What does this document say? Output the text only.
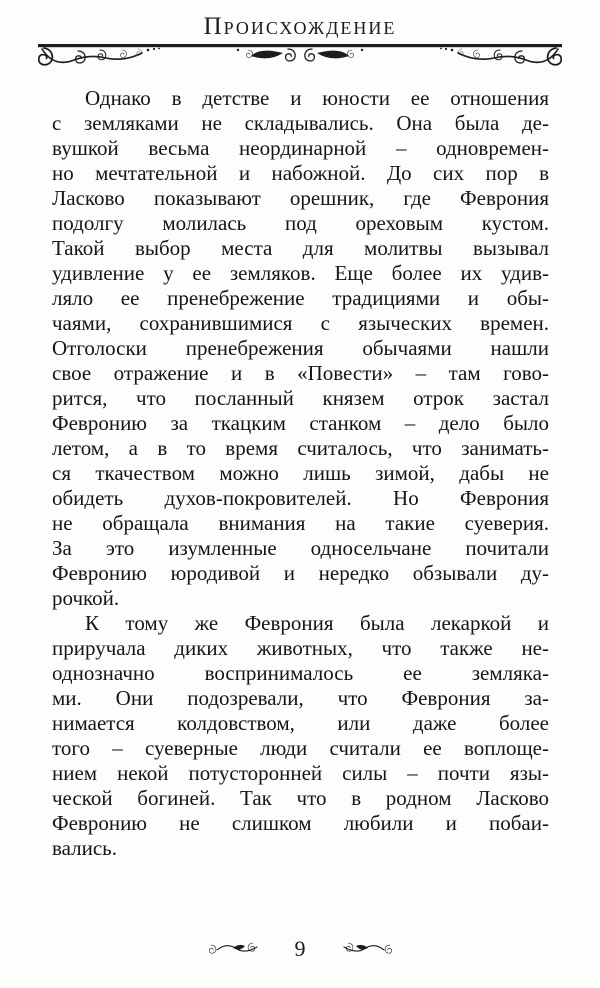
Происхождение
Однако в детстве и юности ее отношения
с земляками не складывались. Она была де-
вушкой весьма неординарной – одновремен-
но мечтательной и набожной. До сих пор в
Ласково показывают орешник, где Феврония
подолгу молилась под ореховым кустом.
Такой выбор места для молитвы вызывал
удивление у ее земляков. Еще более их удив-
ляло ее пренебрежение традициями и обы-
чаями, сохранившимися с языческих времен.
Отголоски пренебрежения обычаями нашли
свое отражение и в «Повести» – там гово-
рится, что посланный князем отрок застал
Февронию за ткацким станком – дело было
летом, а в то время считалось, что занимать-
ся ткачеством можно лишь зимой, дабы не
обидеть духов-покровителей. Но Феврония
не обращала внимания на такие суеверия.
За это изумленные односельчане почитали
Февронию юродивой и нередко обзывали ду-
рочкой.
К тому же Феврония была лекаркой и
приручала диких животных, что также не-
однозначно воспринималось ее земляка-
ми. Они подозревали, что Феврония за-
нимается колдовством, или даже более
того – суеверные люди считали ее воплоще-
нием некой потусторонней силы – почти язы-
ческой богиней. Так что в родном Ласково
Февронию не слишком любили и побаи-
вались.
9
